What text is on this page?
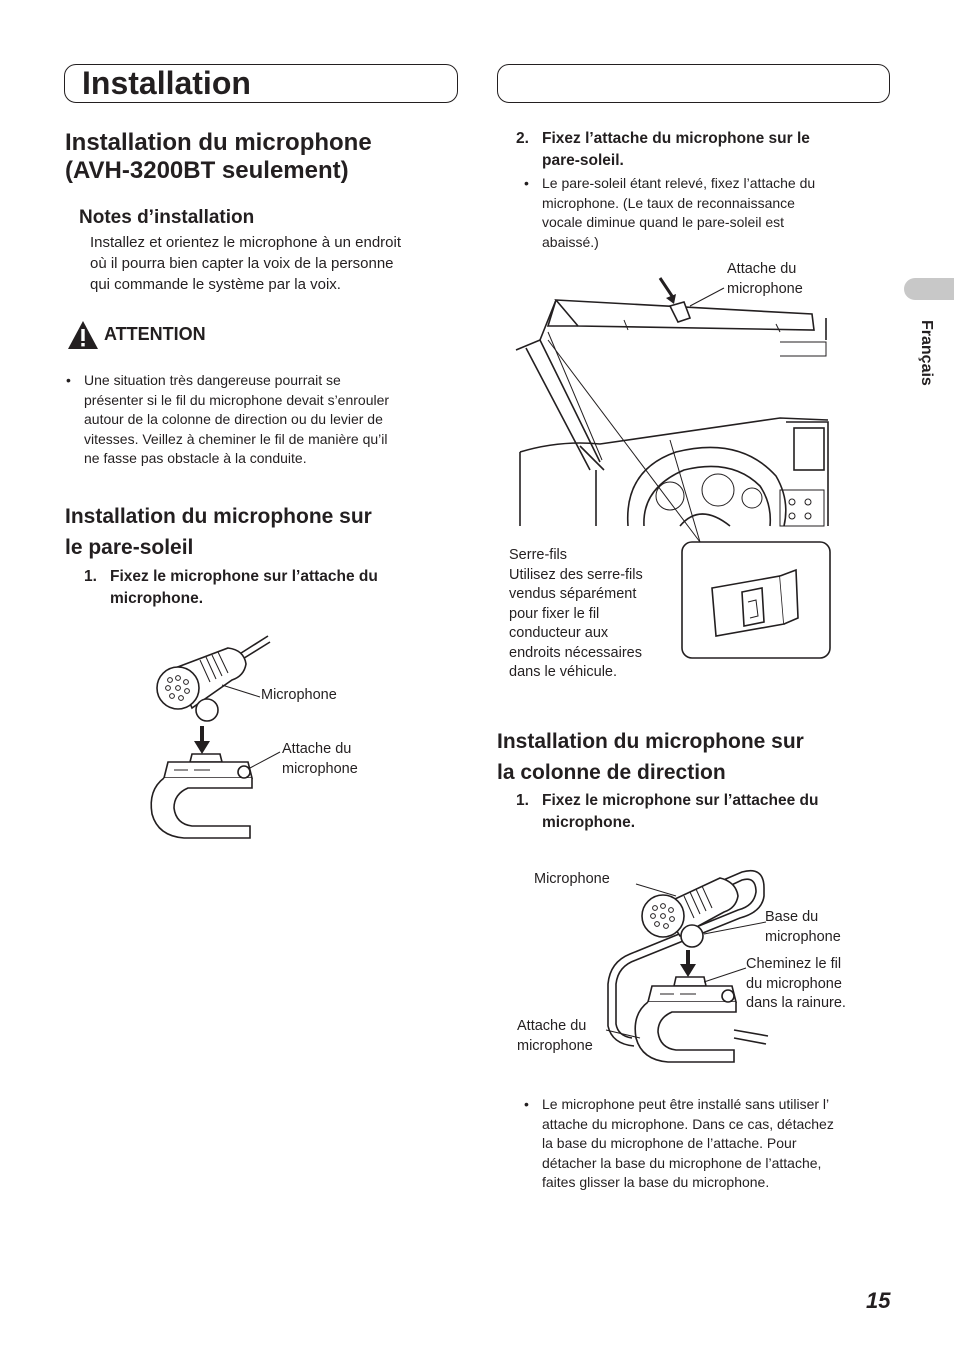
Installation
Français
Installation du microphone
(AVH-3200BT seulement)
Notes d’installation
Installez et orientez le microphone à un endroit
où il pourra bien capter la voix de la personne
qui commande le système par la voix.
ATTENTION
• Une situation très dangereuse pourrait se
présenter si le fil du microphone devait s’enrouler
autour de la colonne de direction ou du levier de
vitesses. Veillez à cheminer le fil de manière qu’il
ne fasse pas obstacle à la conduite.
Installation du microphone sur
le pare-soleil
1. Fixez le microphone sur l’attache du
microphone.
Microphone
Attache du
microphone
2. Fixez l’attache du microphone sur le
pare-soleil.
• Le pare-soleil étant relevé, fixez l’attache du
microphone. (Le taux de reconnaissance
vocale diminue quand le pare-soleil est
abaissé.)
Attache du
microphone
Serre-fils
Utilisez des serre-fils
vendus séparément
pour fixer le fil
conducteur aux
endroits nécessaires
dans le véhicule.
Installation du microphone sur
la colonne de direction
1. Fixez le microphone sur l’attachee du
microphone.
Microphone
Base du
microphone
Cheminez le fil
du microphone
dans la rainure.
Attache du
microphone
• Le microphone peut être installé sans utiliser l’
attache du microphone. Dans ce cas, détachez
la base du microphone de l’attache. Pour
détacher la base du microphone de l’attache,
faites glisser la base du microphone.
15
